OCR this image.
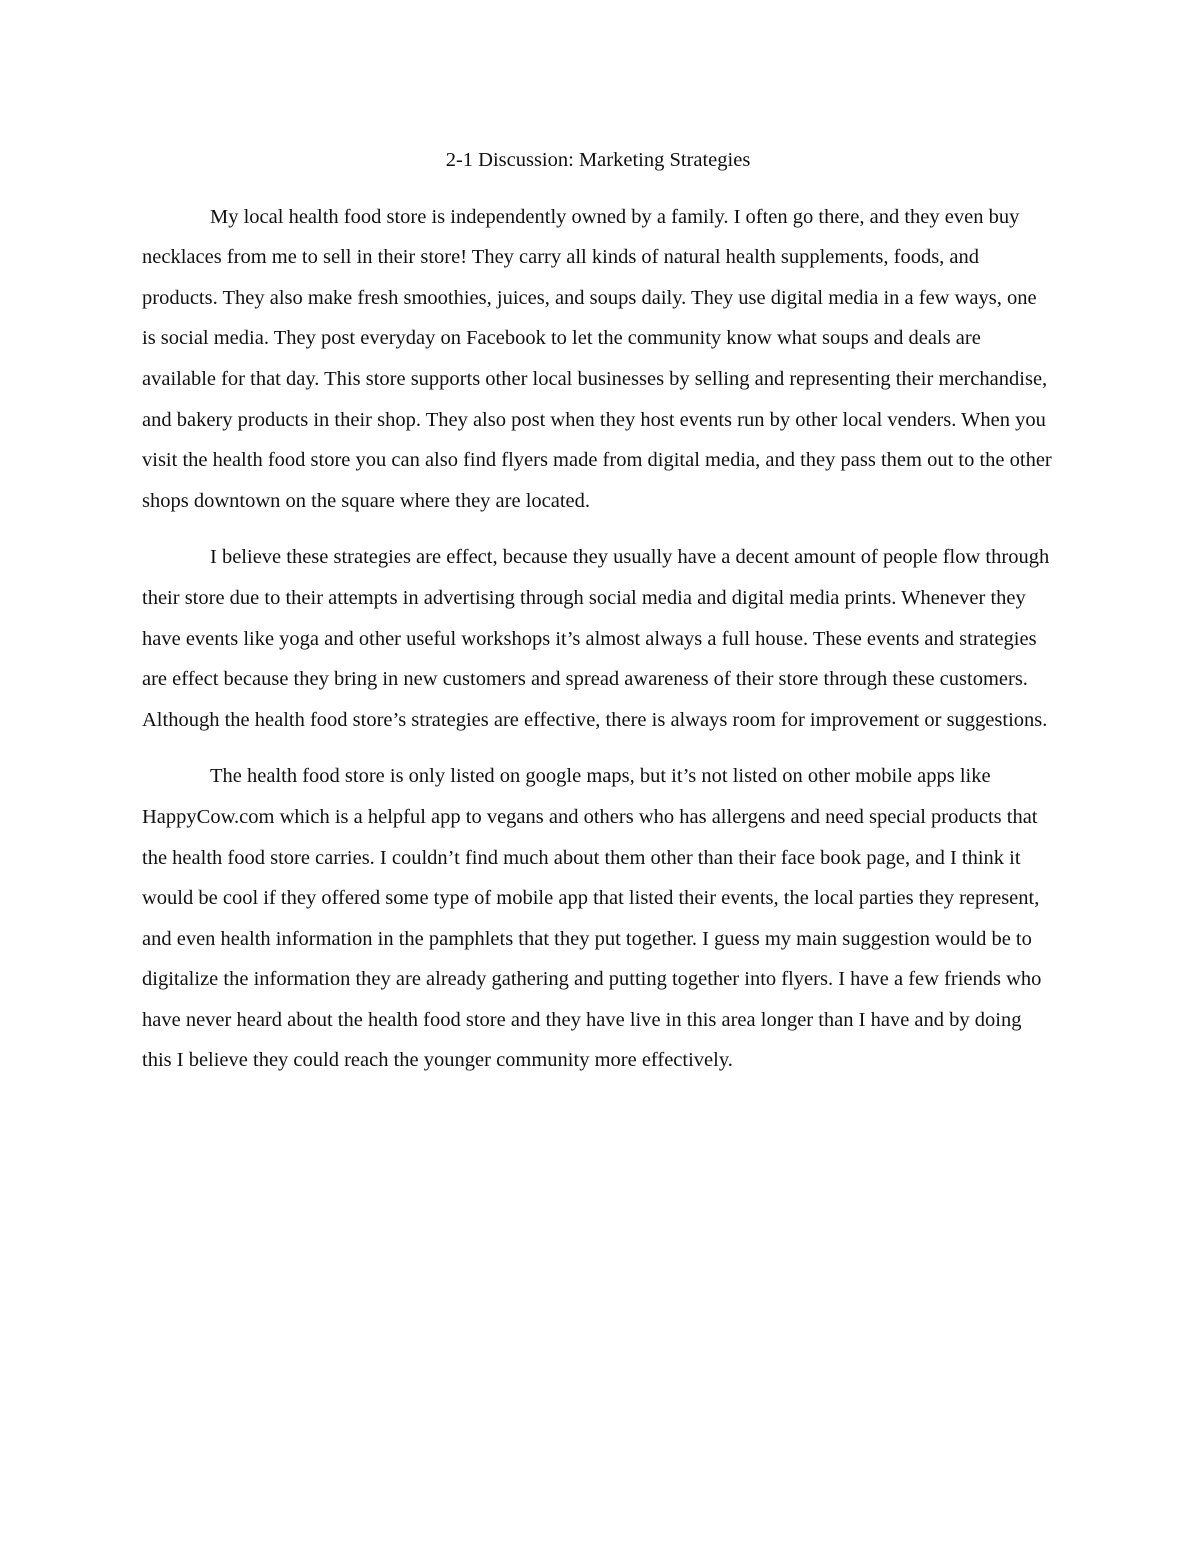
2-1 Discussion: Marketing Strategies

My local health food store is independently owned by a family. I often go there, and they even buy necklaces from me to sell in their store! They carry all kinds of natural health supplements, foods, and products. They also make fresh smoothies, juices, and soups daily. They use digital media in a few ways, one is social media. They post everyday on Facebook to let the community know what soups and deals are available for that day. This store supports other local businesses by selling and representing their merchandise, and bakery products in their shop. They also post when they host events run by other local venders. When you visit the health food store you can also find flyers made from digital media, and they pass them out to the other shops downtown on the square where they are located.

I believe these strategies are effect, because they usually have a decent amount of people flow through their store due to their attempts in advertising through social media and digital media prints. Whenever they have events like yoga and other useful workshops it’s almost always a full house. These events and strategies are effect because they bring in new customers and spread awareness of their store through these customers. Although the health food store’s strategies are effective, there is always room for improvement or suggestions.

The health food store is only listed on google maps, but it’s not listed on other mobile apps like HappyCow.com which is a helpful app to vegans and others who has allergens and need special products that the health food store carries. I couldn’t find much about them other than their face book page, and I think it would be cool if they offered some type of mobile app that listed their events, the local parties they represent, and even health information in the pamphlets that they put together. I guess my main suggestion would be to digitalize the information they are already gathering and putting together into flyers. I have a few friends who have never heard about the health food store and they have live in this area longer than I have and by doing this I believe they could reach the younger community more effectively.
